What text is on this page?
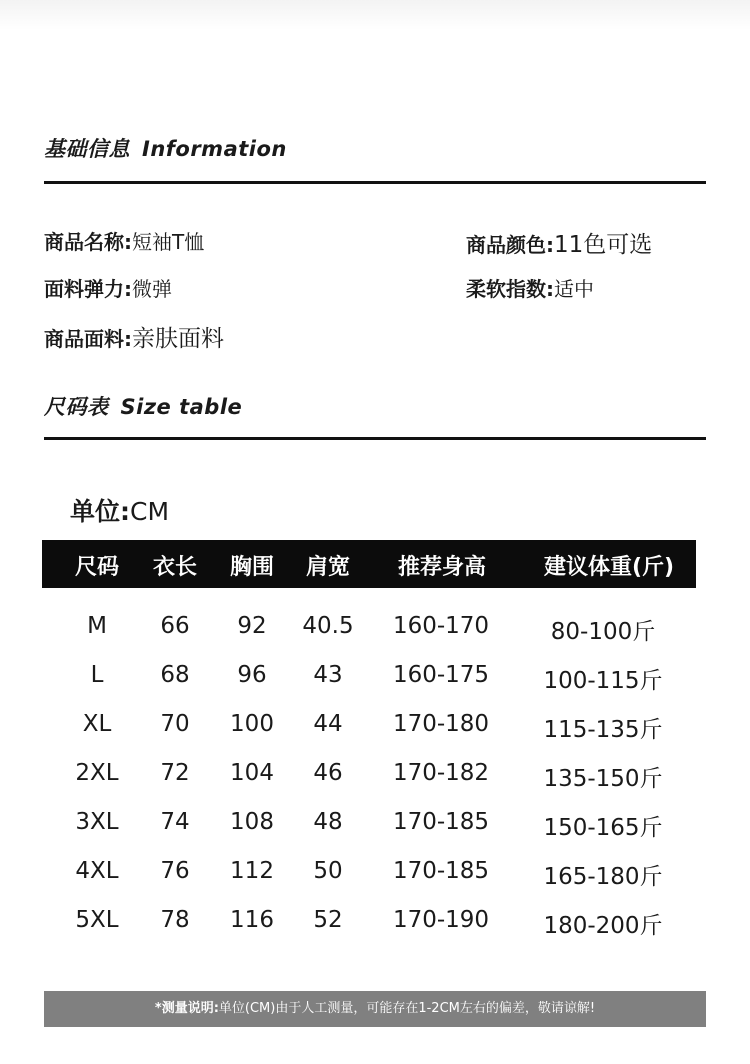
基础信息 Information
商品名称:短袖T恤	商品颜色:11色可选
面料弹力:微弹	柔软指数:适中
商品面料:亲肤面料
尺码表 Size table
单位:CM
尺码 衣长 胸围 肩宽 推荐身高	建议体重(斤)
M 66 92 40.5 160-170	80-100斤
L 68 96 43 160-175 100-115斤
XL 70 100 44 170-180 115-135斤
2XL 72 104 46 170-182 135-150斤
3XL 74 108 48 170-185 150-165斤
4XL 76 112 50 170-185 165-180斤
5XL 78 116 52 170-190 180-200斤
*测量说明:单位(CM)由于人工测量，可能存在1-2CM左右的偏差，敬请谅解!
